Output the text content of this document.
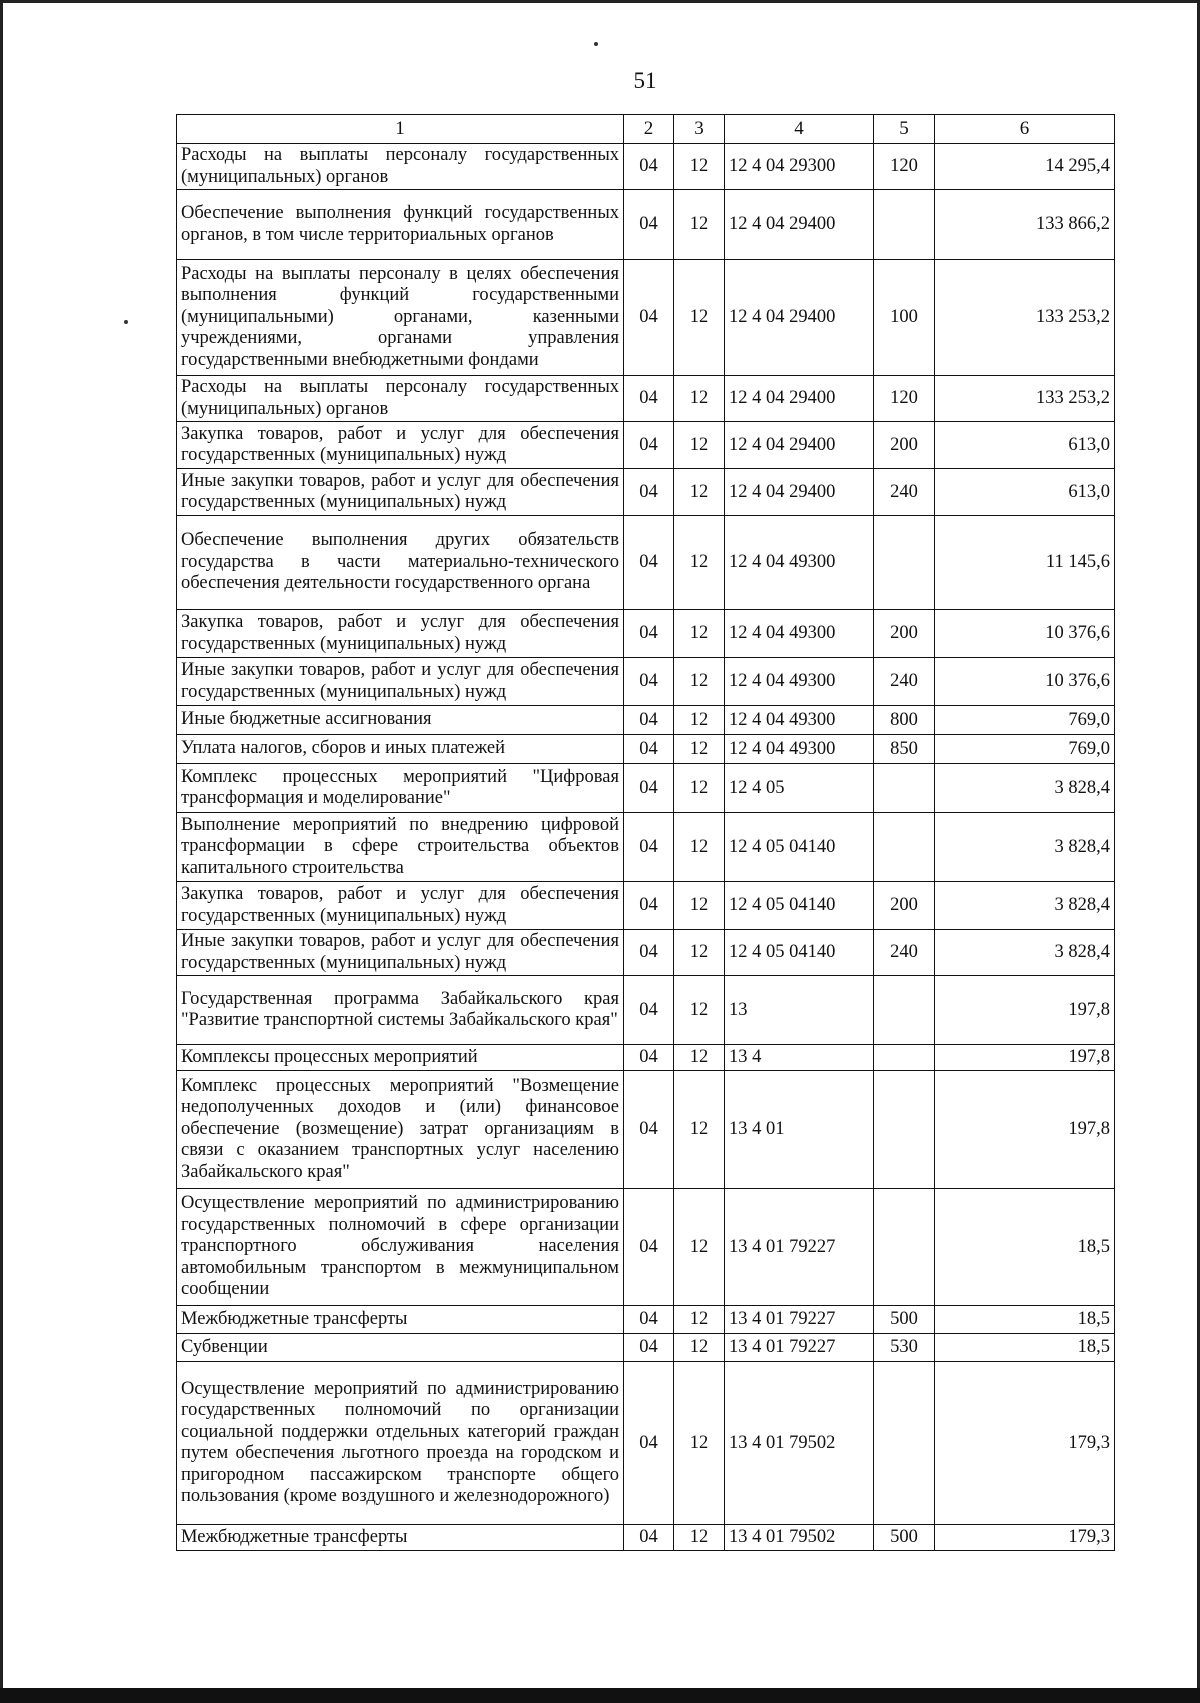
51
1	2	3	4	5	6
Расходы на выплаты персоналу государственных (муниципальных) органов	04	12	12 4 04 29300	120	14 295,4
Обеспечение выполнения функций государственных органов, в том числе территориальных органов	04	12	12 4 04 29400		133 866,2
Расходы на выплаты персоналу в целях обеспечения выполнения функций государственными (муниципальными) органами, казенными учреждениями, органами управления государственными внебюджетными фондами	04	12	12 4 04 29400	100	133 253,2
Расходы на выплаты персоналу государственных (муниципальных) органов	04	12	12 4 04 29400	120	133 253,2
Закупка товаров, работ и услуг для обеспечения государственных (муниципальных) нужд	04	12	12 4 04 29400	200	613,0
Иные закупки товаров, работ и услуг для обеспечения государственных (муниципальных) нужд	04	12	12 4 04 29400	240	613,0
Обеспечение выполнения других обязательств государства в части материально-технического обеспечения деятельности государственного органа	04	12	12 4 04 49300		11 145,6
Закупка товаров, работ и услуг для обеспечения государственных (муниципальных) нужд	04	12	12 4 04 49300	200	10 376,6
Иные закупки товаров, работ и услуг для обеспечения государственных (муниципальных) нужд	04	12	12 4 04 49300	240	10 376,6
Иные бюджетные ассигнования	04	12	12 4 04 49300	800	769,0
Уплата налогов, сборов и иных платежей	04	12	12 4 04 49300	850	769,0
Комплекс процессных мероприятий "Цифровая трансформация и моделирование"	04	12	12 4 05		3 828,4
Выполнение мероприятий по внедрению цифровой трансформации в сфере строительства объектов капитального строительства	04	12	12 4 05 04140		3 828,4
Закупка товаров, работ и услуг для обеспечения государственных (муниципальных) нужд	04	12	12 4 05 04140	200	3 828,4
Иные закупки товаров, работ и услуг для обеспечения государственных (муниципальных) нужд	04	12	12 4 05 04140	240	3 828,4
Государственная программа Забайкальского края "Развитие транспортной системы Забайкальского края"	04	12	13		197,8
Комплексы процессных мероприятий	04	12	13 4		197,8
Комплекс процессных мероприятий "Возмещение недополученных доходов и (или) финансовое обеспечение (возмещение) затрат организациям в связи с оказанием транспортных услуг населению Забайкальского края"	04	12	13 4 01		197,8
Осуществление мероприятий по администрированию государственных полномочий в сфере организации транспортного обслуживания населения автомобильным транспортом в межмуниципальном сообщении	04	12	13 4 01 79227		18,5
Межбюджетные трансферты	04	12	13 4 01 79227	500	18,5
Субвенции	04	12	13 4 01 79227	530	18,5
Осуществление мероприятий по администрированию государственных полномочий по организации социальной поддержки отдельных категорий граждан путем обеспечения льготного проезда на городском и пригородном пассажирском транспорте общего пользования (кроме воздушного и железнодорожного)	04	12	13 4 01 79502		179,3
Межбюджетные трансферты	04	12	13 4 01 79502	500	179,3
